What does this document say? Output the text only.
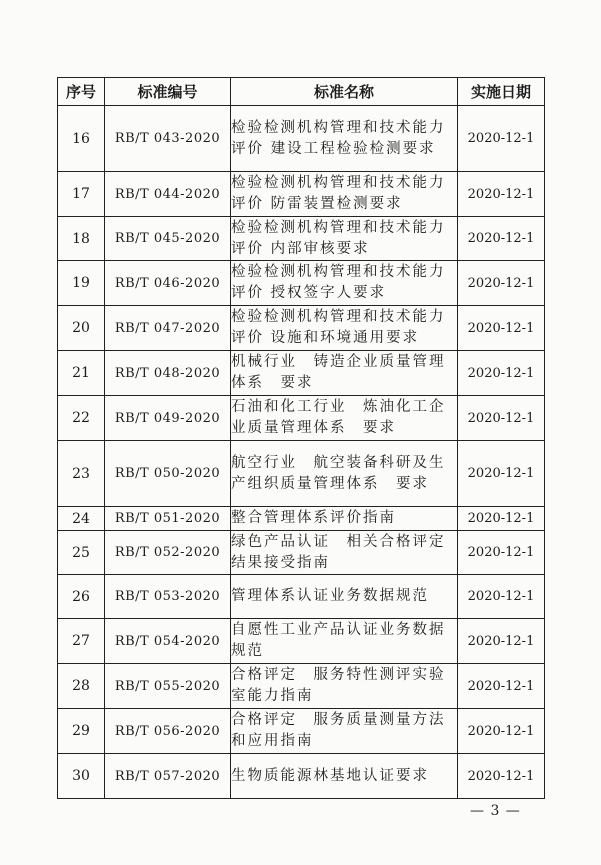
序号	标准编号	标准名称	实施日期
16	RB/T 043-2020	检验检测机构管理和技术能力评价 建设工程检验检测要求	2020-12-1
17	RB/T 044-2020	检验检测机构管理和技术能力评价 防雷装置检测要求	2020-12-1
18	RB/T 045-2020	检验检测机构管理和技术能力评价 内部审核要求	2020-12-1
19	RB/T 046-2020	检验检测机构管理和技术能力评价 授权签字人要求	2020-12-1
20	RB/T 047-2020	检验检测机构管理和技术能力评价 设施和环境通用要求	2020-12-1
21	RB/T 048-2020	机械行业　铸造企业质量管理体系　要求	2020-12-1
22	RB/T 049-2020	石油和化工行业　炼油化工企业质量管理体系　要求	2020-12-1
23	RB/T 050-2020	航空行业　航空装备科研及生产组织质量管理体系　要求	2020-12-1
24	RB/T 051-2020	整合管理体系评价指南	2020-12-1
25	RB/T 052-2020	绿色产品认证　相关合格评定结果接受指南	2020-12-1
26	RB/T 053-2020	管理体系认证业务数据规范	2020-12-1
27	RB/T 054-2020	自愿性工业产品认证业务数据规范	2020-12-1
28	RB/T 055-2020	合格评定　服务特性测评实验室能力指南	2020-12-1
29	RB/T 056-2020	合格评定　服务质量测量方法和应用指南	2020-12-1
30	RB/T 057-2020	生物质能源林基地认证要求	2020-12-1
— 3 —
